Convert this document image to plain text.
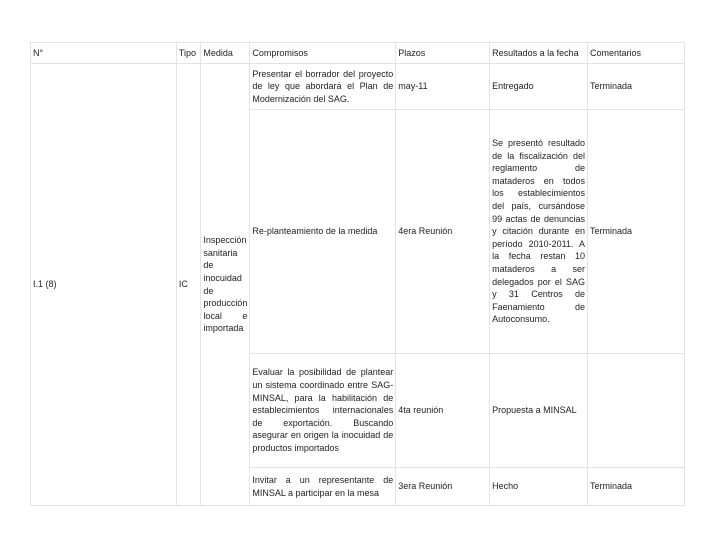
N°	Tipo	Medida	Compromisos	Plazos	Resultados a la fecha	Comentarios
I.1 (8)	IC	Inspección sanitaria de inocuidad de producción local e importada	Presentar el borrador del proyecto de ley que abordará el Plan de Modernización del SAG.	may-11	Entregado	Terminada
			Re-planteamiento de la medida	4era Reunión	Se presentó resultado de la fiscalización del reglamento de mataderos en todos los establecimientos del país, cursándose 99 actas de denuncias y citación durante en período 2010-2011. A la fecha restan 10 mataderos a ser delegados por el SAG y 31 Centros de Faenamiento de Autoconsumo.	Terminada
			Evaluar la posibilidad de plantear un sistema coordinado entre SAG-MINSAL, para la habilitación de establecimientos internacionales de exportación. Buscando asegurar en origen la inocuidad de productos importados	4ta reunión	Propuesta a MINSAL	
			Invitar a un representante de MINSAL a participar en la mesa	3era Reunión	Hecho	Terminada
